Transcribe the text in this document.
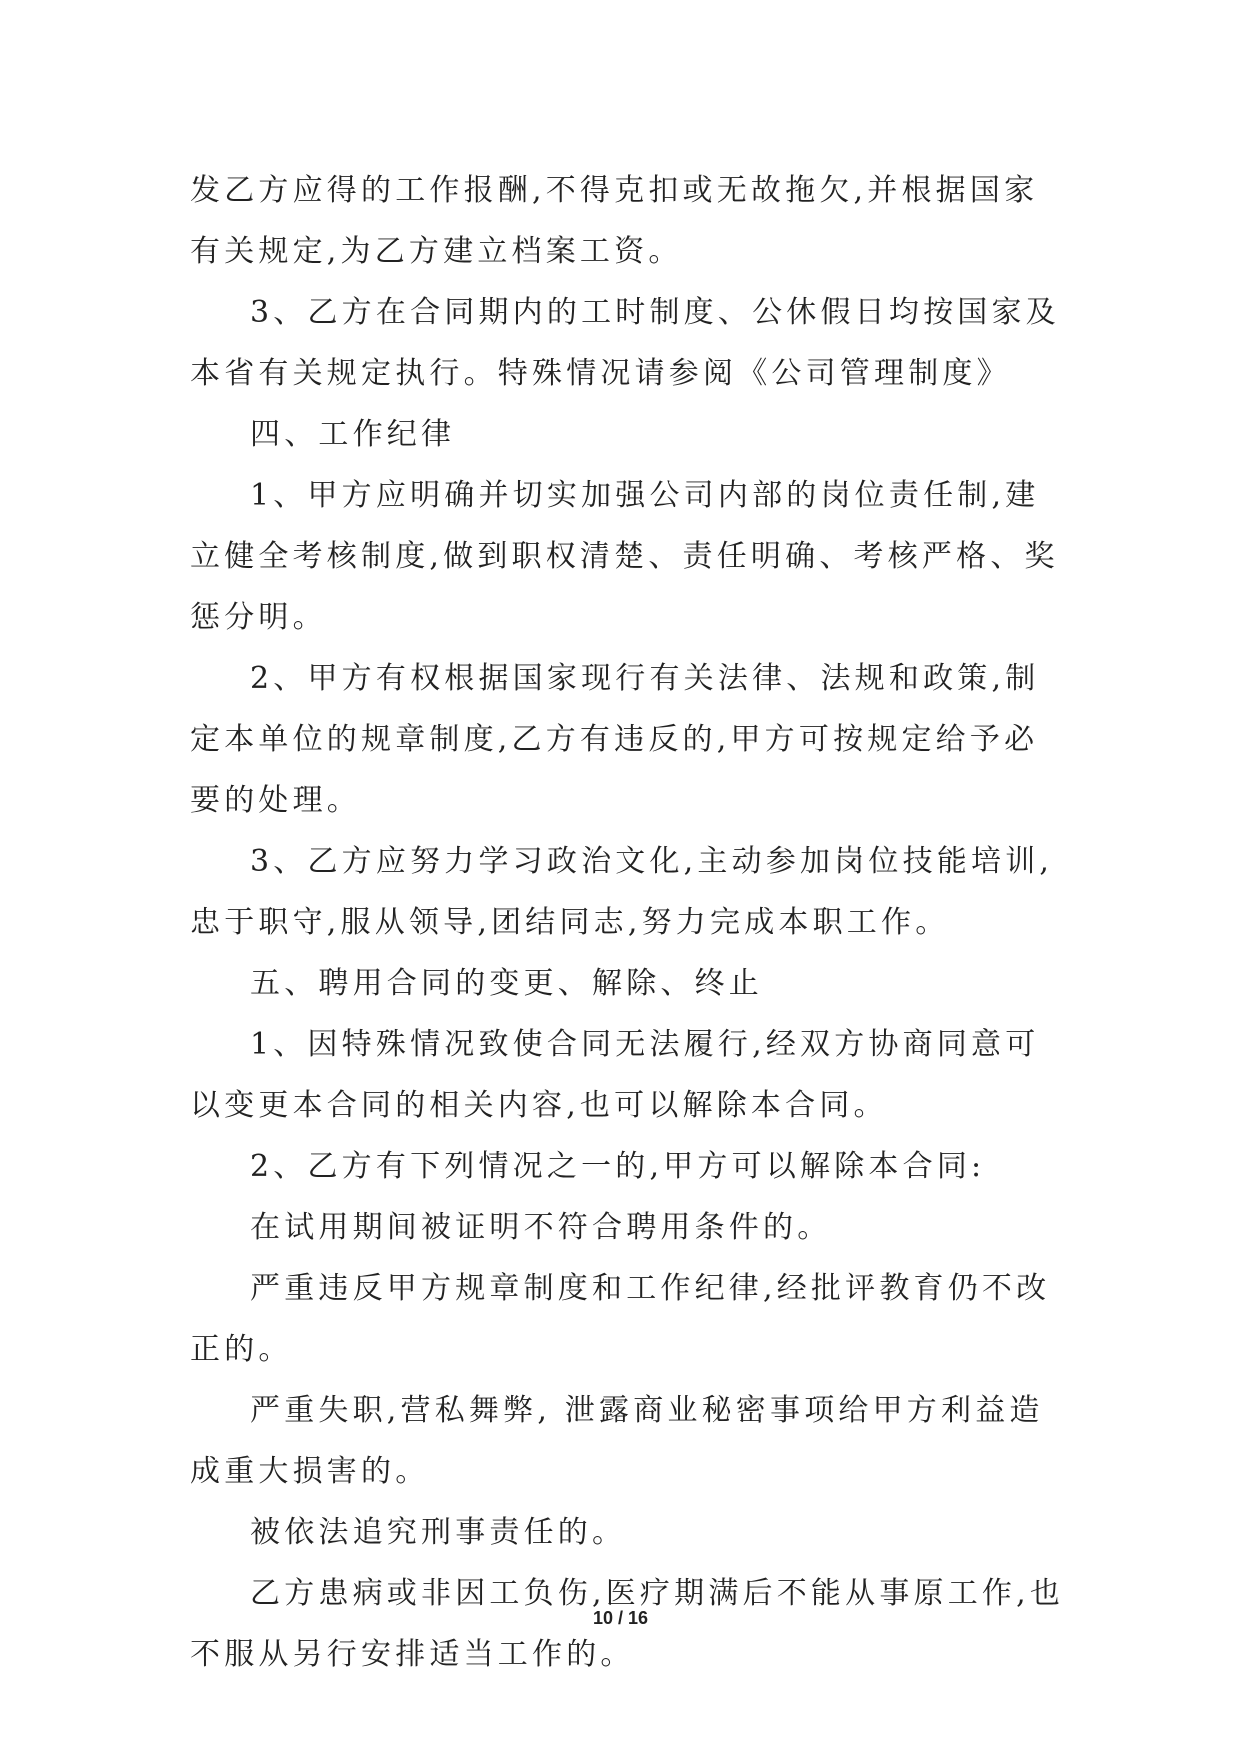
发乙方应得的工作报酬,不得克扣或无故拖欠,并根据国家有关规定,为乙方建立档案工资。

3、乙方在合同期内的工时制度、公休假日均按国家及本省有关规定执行。特殊情况请参阅《公司管理制度》

四、工作纪律

1、甲方应明确并切实加强公司内部的岗位责任制,建立健全考核制度,做到职权清楚、责任明确、考核严格、奖惩分明。

2、甲方有权根据国家现行有关法律、法规和政策,制定本单位的规章制度,乙方有违反的,甲方可按规定给予必要的处理。

3、乙方应努力学习政治文化,主动参加岗位技能培训,忠于职守,服从领导,团结同志,努力完成本职工作。

五、聘用合同的变更、解除、终止

1、因特殊情况致使合同无法履行,经双方协商同意可以变更本合同的相关内容,也可以解除本合同。

2、乙方有下列情况之一的,甲方可以解除本合同:

在试用期间被证明不符合聘用条件的。

严重违反甲方规章制度和工作纪律,经批评教育仍不改正的。

严重失职,营私舞弊, 泄露商业秘密事项给甲方利益造成重大损害的。

被依法追究刑事责任的。

乙方患病或非因工负伤,医疗期满后不能从事原工作,也不服从另行安排适当工作的。

10 / 16
